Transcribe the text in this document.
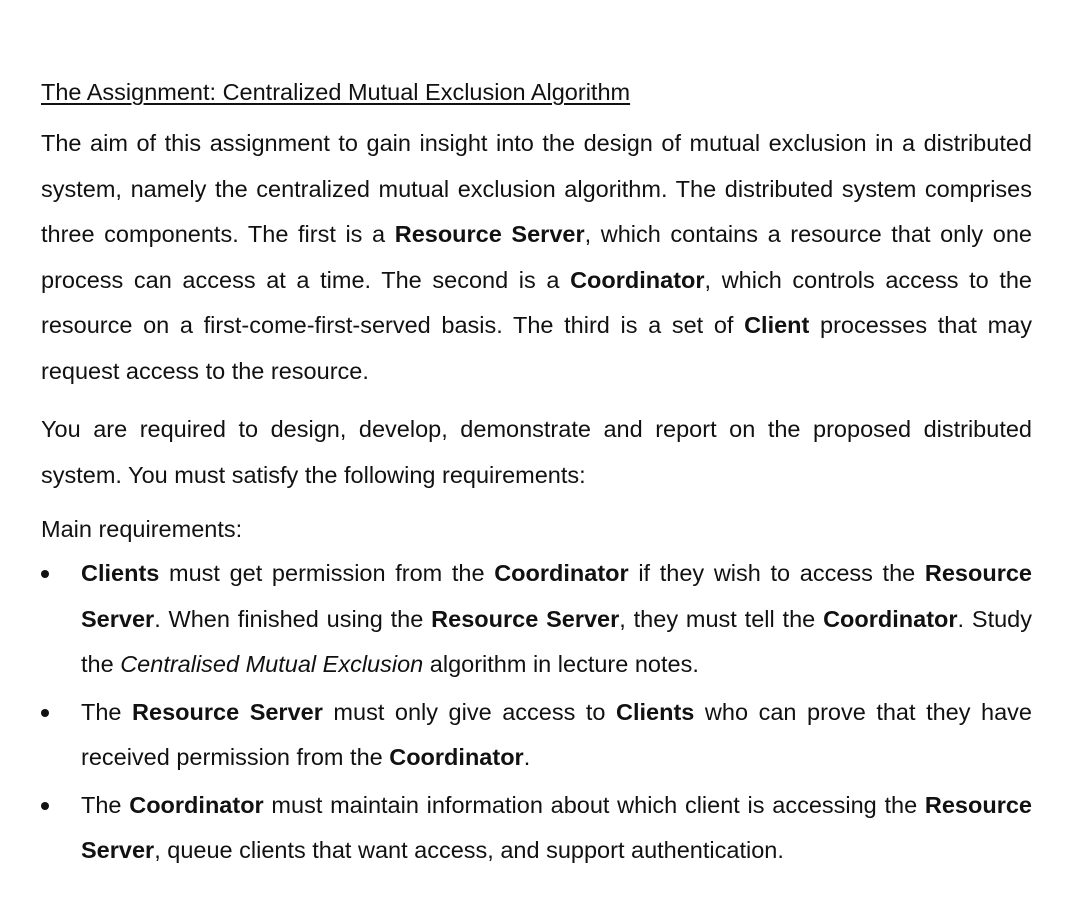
The Assignment: Centralized Mutual Exclusion Algorithm

The aim of this assignment to gain insight into the design of mutual exclusion in a distributed system, namely the centralized mutual exclusion algorithm. The distributed system comprises three components. The first is a Resource Server, which contains a resource that only one process can access at a time. The second is a Coordinator, which controls access to the resource on a first-come-first-served basis. The third is a set of Client processes that may request access to the resource.

You are required to design, develop, demonstrate and report on the proposed distributed system. You must satisfy the following requirements:

Main requirements:

Clients must get permission from the Coordinator if they wish to access the Resource Server. When finished using the Resource Server, they must tell the Coordinator. Study the Centralised Mutual Exclusion algorithm in lecture notes.
The Resource Server must only give access to Clients who can prove that they have received permission from the Coordinator.
The Coordinator must maintain information about which client is accessing the Resource Server, queue clients that want access, and support authentication.
